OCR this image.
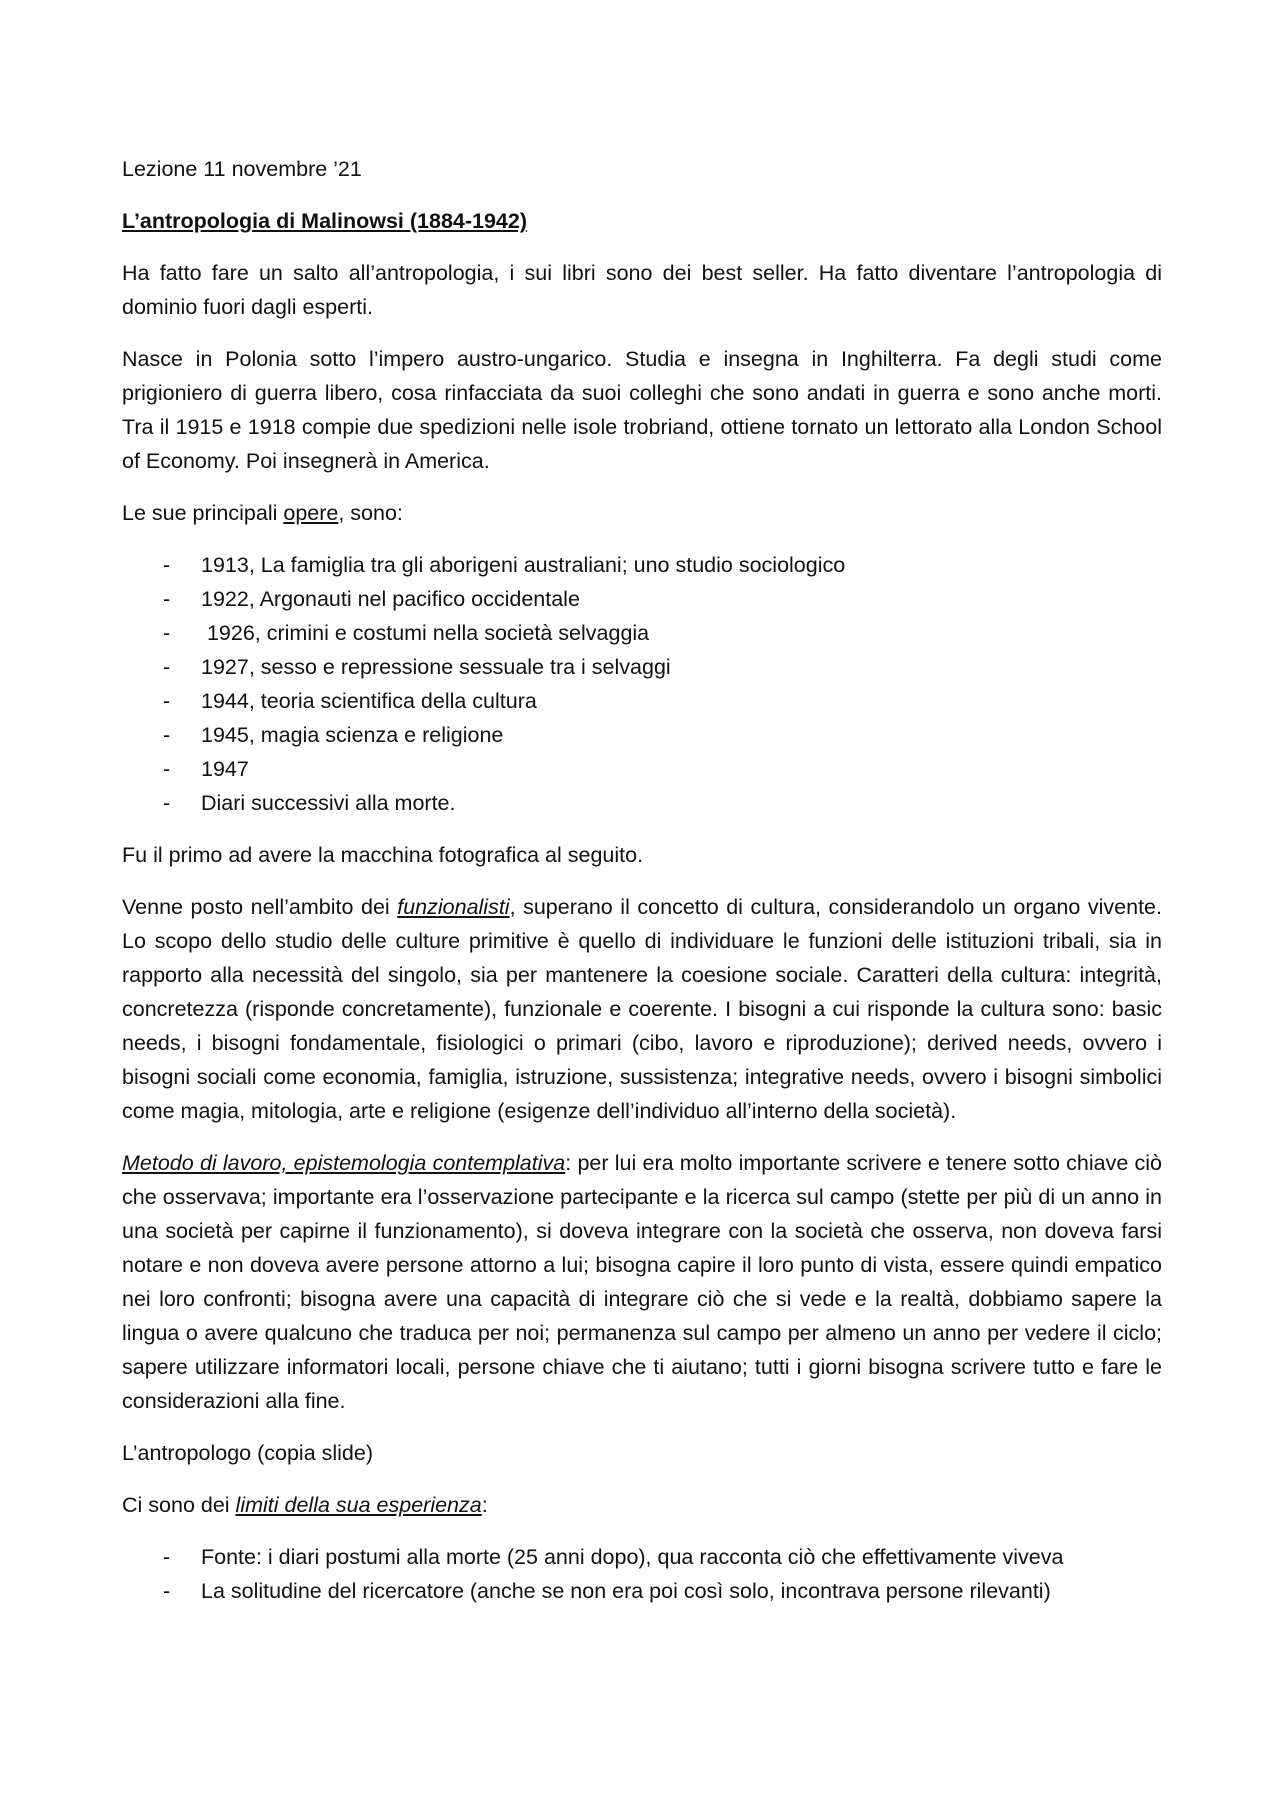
Lezione 11 novembre ’21

L’antropologia di Malinowsi (1884-1942)

Ha fatto fare un salto all’antropologia, i sui libri sono dei best seller. Ha fatto diventare l’antropologia di dominio fuori dagli esperti.

Nasce in Polonia sotto l’impero austro-ungarico. Studia e insegna in Inghilterra. Fa degli studi come prigioniero di guerra libero, cosa rinfacciata da suoi colleghi che sono andati in guerra e sono anche morti. Tra il 1915 e 1918 compie due spedizioni nelle isole trobriand, ottiene tornato un lettorato alla London School of Economy. Poi insegnerà in America.

Le sue principali opere, sono:

- 1913, La famiglia tra gli aborigeni australiani; uno studio sociologico
- 1922, Argonauti nel pacifico occidentale
- 1926, crimini e costumi nella società selvaggia
- 1927, sesso e repressione sessuale tra i selvaggi
- 1944, teoria scientifica della cultura
- 1945, magia scienza e religione
- 1947
- Diari successivi alla morte.

Fu il primo ad avere la macchina fotografica al seguito.

Venne posto nell’ambito dei funzionalisti, superano il concetto di cultura, considerandolo un organo vivente. Lo scopo dello studio delle culture primitive è quello di individuare le funzioni delle istituzioni tribali, sia in rapporto alla necessità del singolo, sia per mantenere la coesione sociale. Caratteri della cultura: integrità, concretezza (risponde concretamente), funzionale e coerente. I bisogni a cui risponde la cultura sono: basic needs, i bisogni fondamentale, fisiologici o primari (cibo, lavoro e riproduzione); derived needs, ovvero i bisogni sociali come economia, famiglia, istruzione, sussistenza; integrative needs, ovvero i bisogni simbolici come magia, mitologia, arte e religione (esigenze dell’individuo all’interno della società).

Metodo di lavoro, epistemologia contemplativa: per lui era molto importante scrivere e tenere sotto chiave ciò che osservava; importante era l’osservazione partecipante e la ricerca sul campo (stette per più di un anno in una società per capirne il funzionamento), si doveva integrare con la società che osserva, non doveva farsi notare e non doveva avere persone attorno a lui; bisogna capire il loro punto di vista, essere quindi empatico nei loro confronti; bisogna avere una capacità di integrare ciò che si vede e la realtà, dobbiamo sapere la lingua o avere qualcuno che traduca per noi; permanenza sul campo per almeno un anno per vedere il ciclo; sapere utilizzare informatori locali, persone chiave che ti aiutano; tutti i giorni bisogna scrivere tutto e fare le considerazioni alla fine.

L’antropologo (copia slide)

Ci sono dei limiti della sua esperienza:

- Fonte: i diari postumi alla morte (25 anni dopo), qua racconta ciò che effettivamente viveva
- La solitudine del ricercatore (anche se non era poi così solo, incontrava persone rilevanti)
